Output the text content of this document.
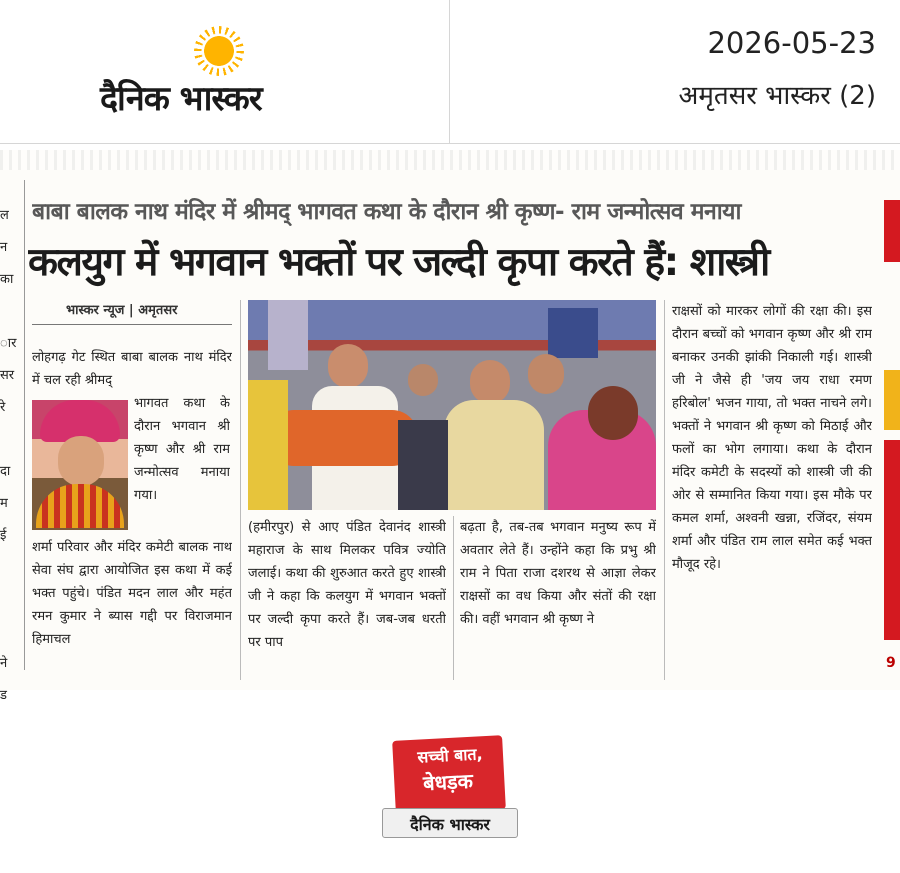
दैनिक भास्कर
2026-05-23
अमृतसर भास्कर (2)
ल
न
का
ार
सर
रे
दा
म
ई
ने
ड
9
बाबा बालक नाथ मंदिर में श्रीमद् भागवत कथा के दौरान श्री कृष्ण- राम जन्मोत्सव मनाया
कलयुग में भगवान भक्तों पर जल्दी कृपा करते हैं: शास्त्री
भास्कर न्यूज | अमृतसर
लोहगढ़ गेट स्थित बाबा बालक नाथ मंदिर में चल रही श्रीमद्
भागवत कथा के दौरान भगवान श्री कृष्ण और श्री राम जन्मोत्सव मनाया गया।
शर्मा परिवार और मंदिर कमेटी बालक नाथ सेवा संघ द्वारा आयोजित इस कथा में कई भक्त पहुंचे। पंडित मदन लाल और महंत रमन कुमार ने ब्यास गद्दी पर विराजमान हिमाचल
(हमीरपुर) से आए पंडित देवानंद शास्त्री महाराज के साथ मिलकर पवित्र ज्योति जलाई। कथा की शुरुआत करते हुए शास्त्री जी ने कहा कि कलयुग में भगवान भक्तों पर जल्दी कृपा करते हैं। जब-जब धरती पर पाप
बढ़ता है, तब-तब भगवान मनुष्य रूप में अवतार लेते हैं। उन्होंने कहा कि प्रभु श्री राम ने पिता राजा दशरथ से आज्ञा लेकर राक्षसों का वध किया और संतों की रक्षा की। वहीं भगवान श्री कृष्ण ने
राक्षसों को मारकर लोगों की रक्षा की। इस दौरान बच्चों को भगवान कृष्ण और श्री राम बनाकर उनकी झांकी निकाली गई। शास्त्री जी ने जैसे ही 'जय जय राधा रमण हरिबोल' भजन गाया, तो भक्त नाचने लगे। भक्तों ने भगवान श्री कृष्ण को मिठाई और फलों का भोग लगाया। कथा के दौरान मंदिर कमेटी के सदस्यों को शास्त्री जी की ओर से सम्मानित किया गया। इस मौके पर कमल शर्मा, अश्वनी खन्ना, रजिंदर, संयम शर्मा और पंडित राम लाल समेत कई भक्त मौजूद रहे।
सच्ची बात,
बेधड़क
दैनिक भास्कर
